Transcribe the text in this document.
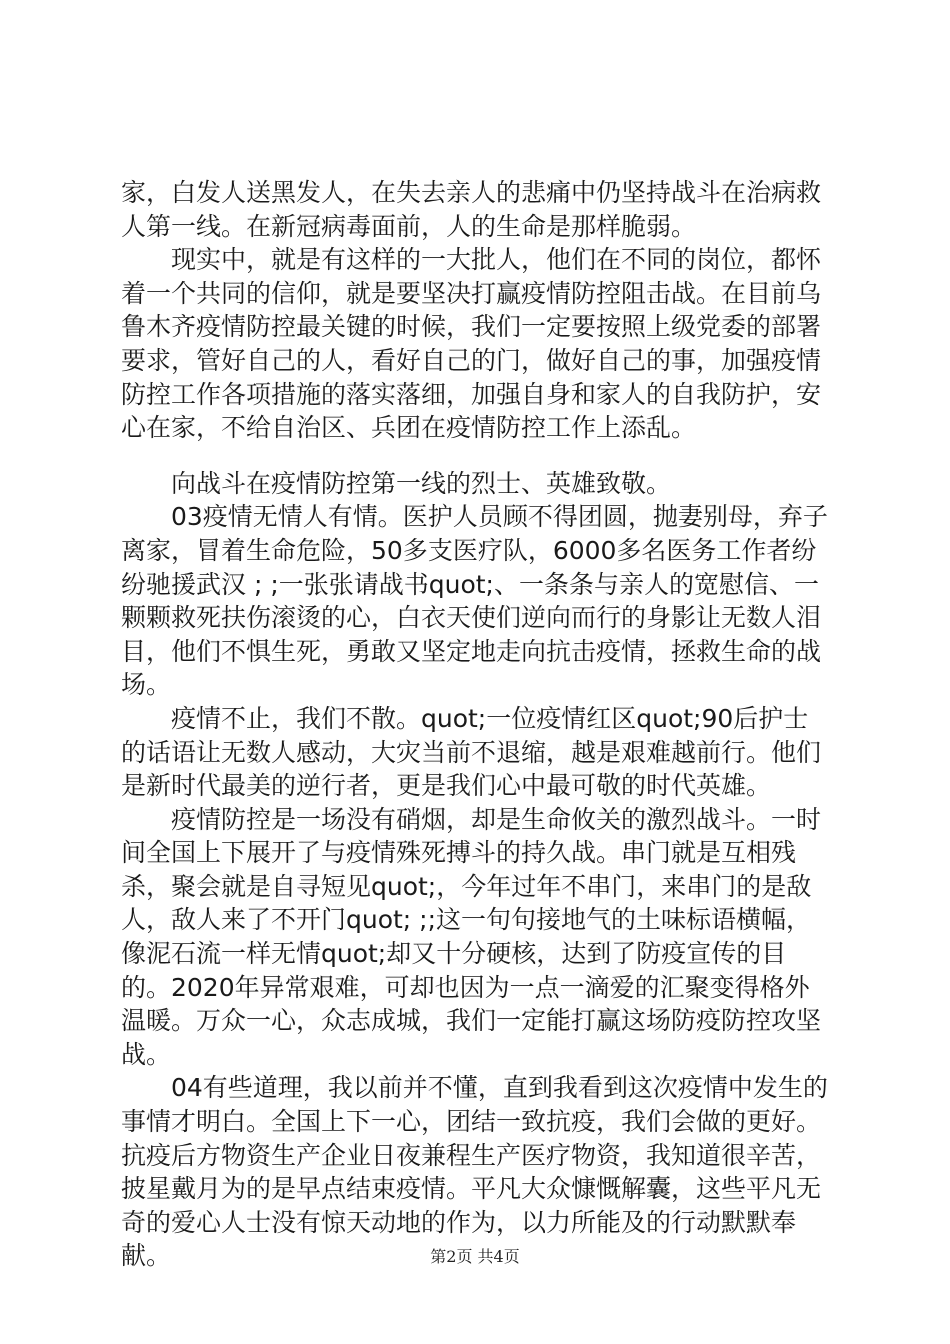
家，白发人送黑发人，在失去亲人的悲痛中仍坚持战斗在治病救人第一线。在新冠病毒面前，人的生命是那样脆弱。

现实中，就是有这样的一大批人，他们在不同的岗位，都怀着一个共同的信仰，就是要坚决打赢疫情防控阻击战。在目前乌鲁木齐疫情防控最关键的时候，我们一定要按照上级党委的部署要求，管好自己的人，看好自己的门，做好自己的事，加强疫情防控工作各项措施的落实落细，加强自身和家人的自我防护，安心在家，不给自治区、兵团在疫情防控工作上添乱。

向战斗在疫情防控第一线的烈士、英雄致敬。

03疫情无情人有情。医护人员顾不得团圆，抛妻别母，弃子离家，冒着生命危险，50多支医疗队，6000多名医务工作者纷纷驰援武汉 ; ;一张张请战书quot;、一条条与亲人的宽慰信、一颗颗救死扶伤滚烫的心，白衣天使们逆向而行的身影让无数人泪目，他们不惧生死，勇敢又坚定地走向抗击疫情，拯救生命的战场。

疫情不止，我们不散。quot;一位疫情红区quot;90后护士的话语让无数人感动，大灾当前不退缩，越是艰难越前行。他们是新时代最美的逆行者，更是我们心中最可敬的时代英雄。

疫情防控是一场没有硝烟，却是生命攸关的激烈战斗。一时间全国上下展开了与疫情殊死搏斗的持久战。串门就是互相残杀，聚会就是自寻短见quot;，今年过年不串门，来串门的是敌人，敌人来了不开门quot; ;;这一句句接地气的土味标语横幅，像泥石流一样无情quot;却又十分硬核，达到了防疫宣传的目的。2020年异常艰难，可却也因为一点一滴爱的汇聚变得格外温暖。万众一心，众志成城，我们一定能打赢这场防疫防控攻坚战。

04有些道理，我以前并不懂，直到我看到这次疫情中发生的事情才明白。全国上下一心，团结一致抗疫，我们会做的更好。抗疫后方物资生产企业日夜兼程生产医疗物资，我知道很辛苦，披星戴月为的是早点结束疫情。平凡大众慷慨解囊，这些平凡无奇的爱心人士没有惊天动地的作为，以力所能及的行动默默奉献。	第2页 共4页
